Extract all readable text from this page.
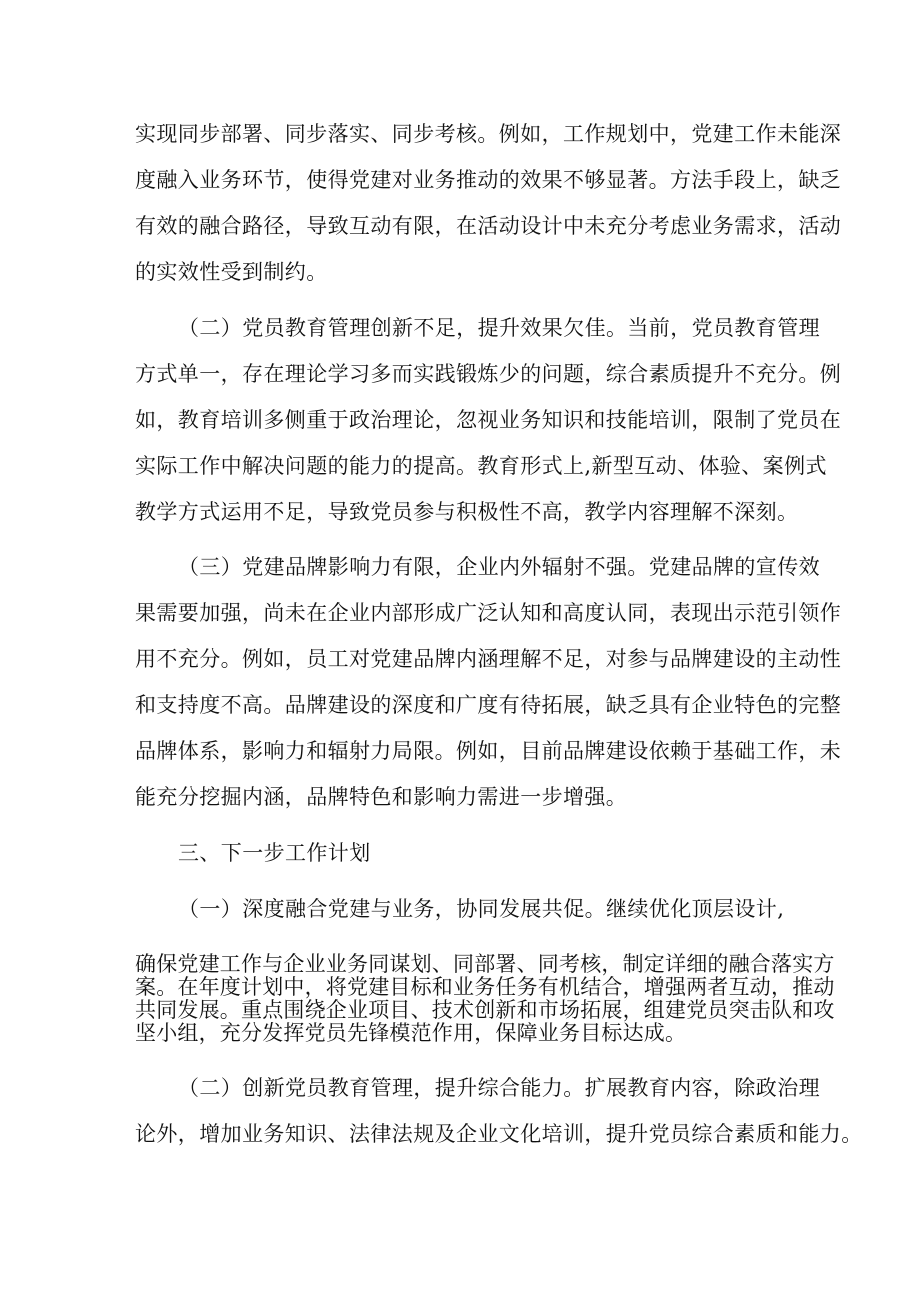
实现同步部署、同步落实、同步考核。例如，工作规划中，党建工作未能深
度融入业务环节，使得党建对业务推动的效果不够显著。方法手段上，缺乏
有效的融合路径，导致互动有限，在活动设计中未充分考虑业务需求，活动
的实效性受到制约。
（二）党员教育管理创新不足，提升效果欠佳。当前，党员教育管理
方式单一，存在理论学习多而实践锻炼少的问题，综合素质提升不充分。例
如，教育培训多侧重于政治理论，忽视业务知识和技能培训，限制了党员在
实际工作中解决问题的能力的提高。教育形式上,新型互动、体验、案例式
教学方式运用不足，导致党员参与积极性不高，教学内容理解不深刻。
（三）党建品牌影响力有限，企业内外辐射不强。党建品牌的宣传效
果需要加强，尚未在企业内部形成广泛认知和高度认同，表现出示范引领作
用不充分。例如，员工对党建品牌内涵理解不足，对参与品牌建设的主动性
和支持度不高。品牌建设的深度和广度有待拓展，缺乏具有企业特色的完整
品牌体系，影响力和辐射力局限。例如，目前品牌建设依赖于基础工作，未
能充分挖掘内涵，品牌特色和影响力需进一步增强。
三、下一步工作计划
（一）深度融合党建与业务，协同发展共促。继续优化顶层设计,
确保党建工作与企业业务同谋划、同部署、同考核，制定详细的融合落实方
案。在年度计划中，将党建目标和业务任务有机结合，增强两者互动，推动
共同发展。重点围绕企业项目、技术创新和市场拓展，组建党员突击队和攻
坚小组，充分发挥党员先锋模范作用，保障业务目标达成。
（二）创新党员教育管理，提升综合能力。扩展教育内容，除政治理
论外，增加业务知识、法律法规及企业文化培训，提升党员综合素质和能力。
